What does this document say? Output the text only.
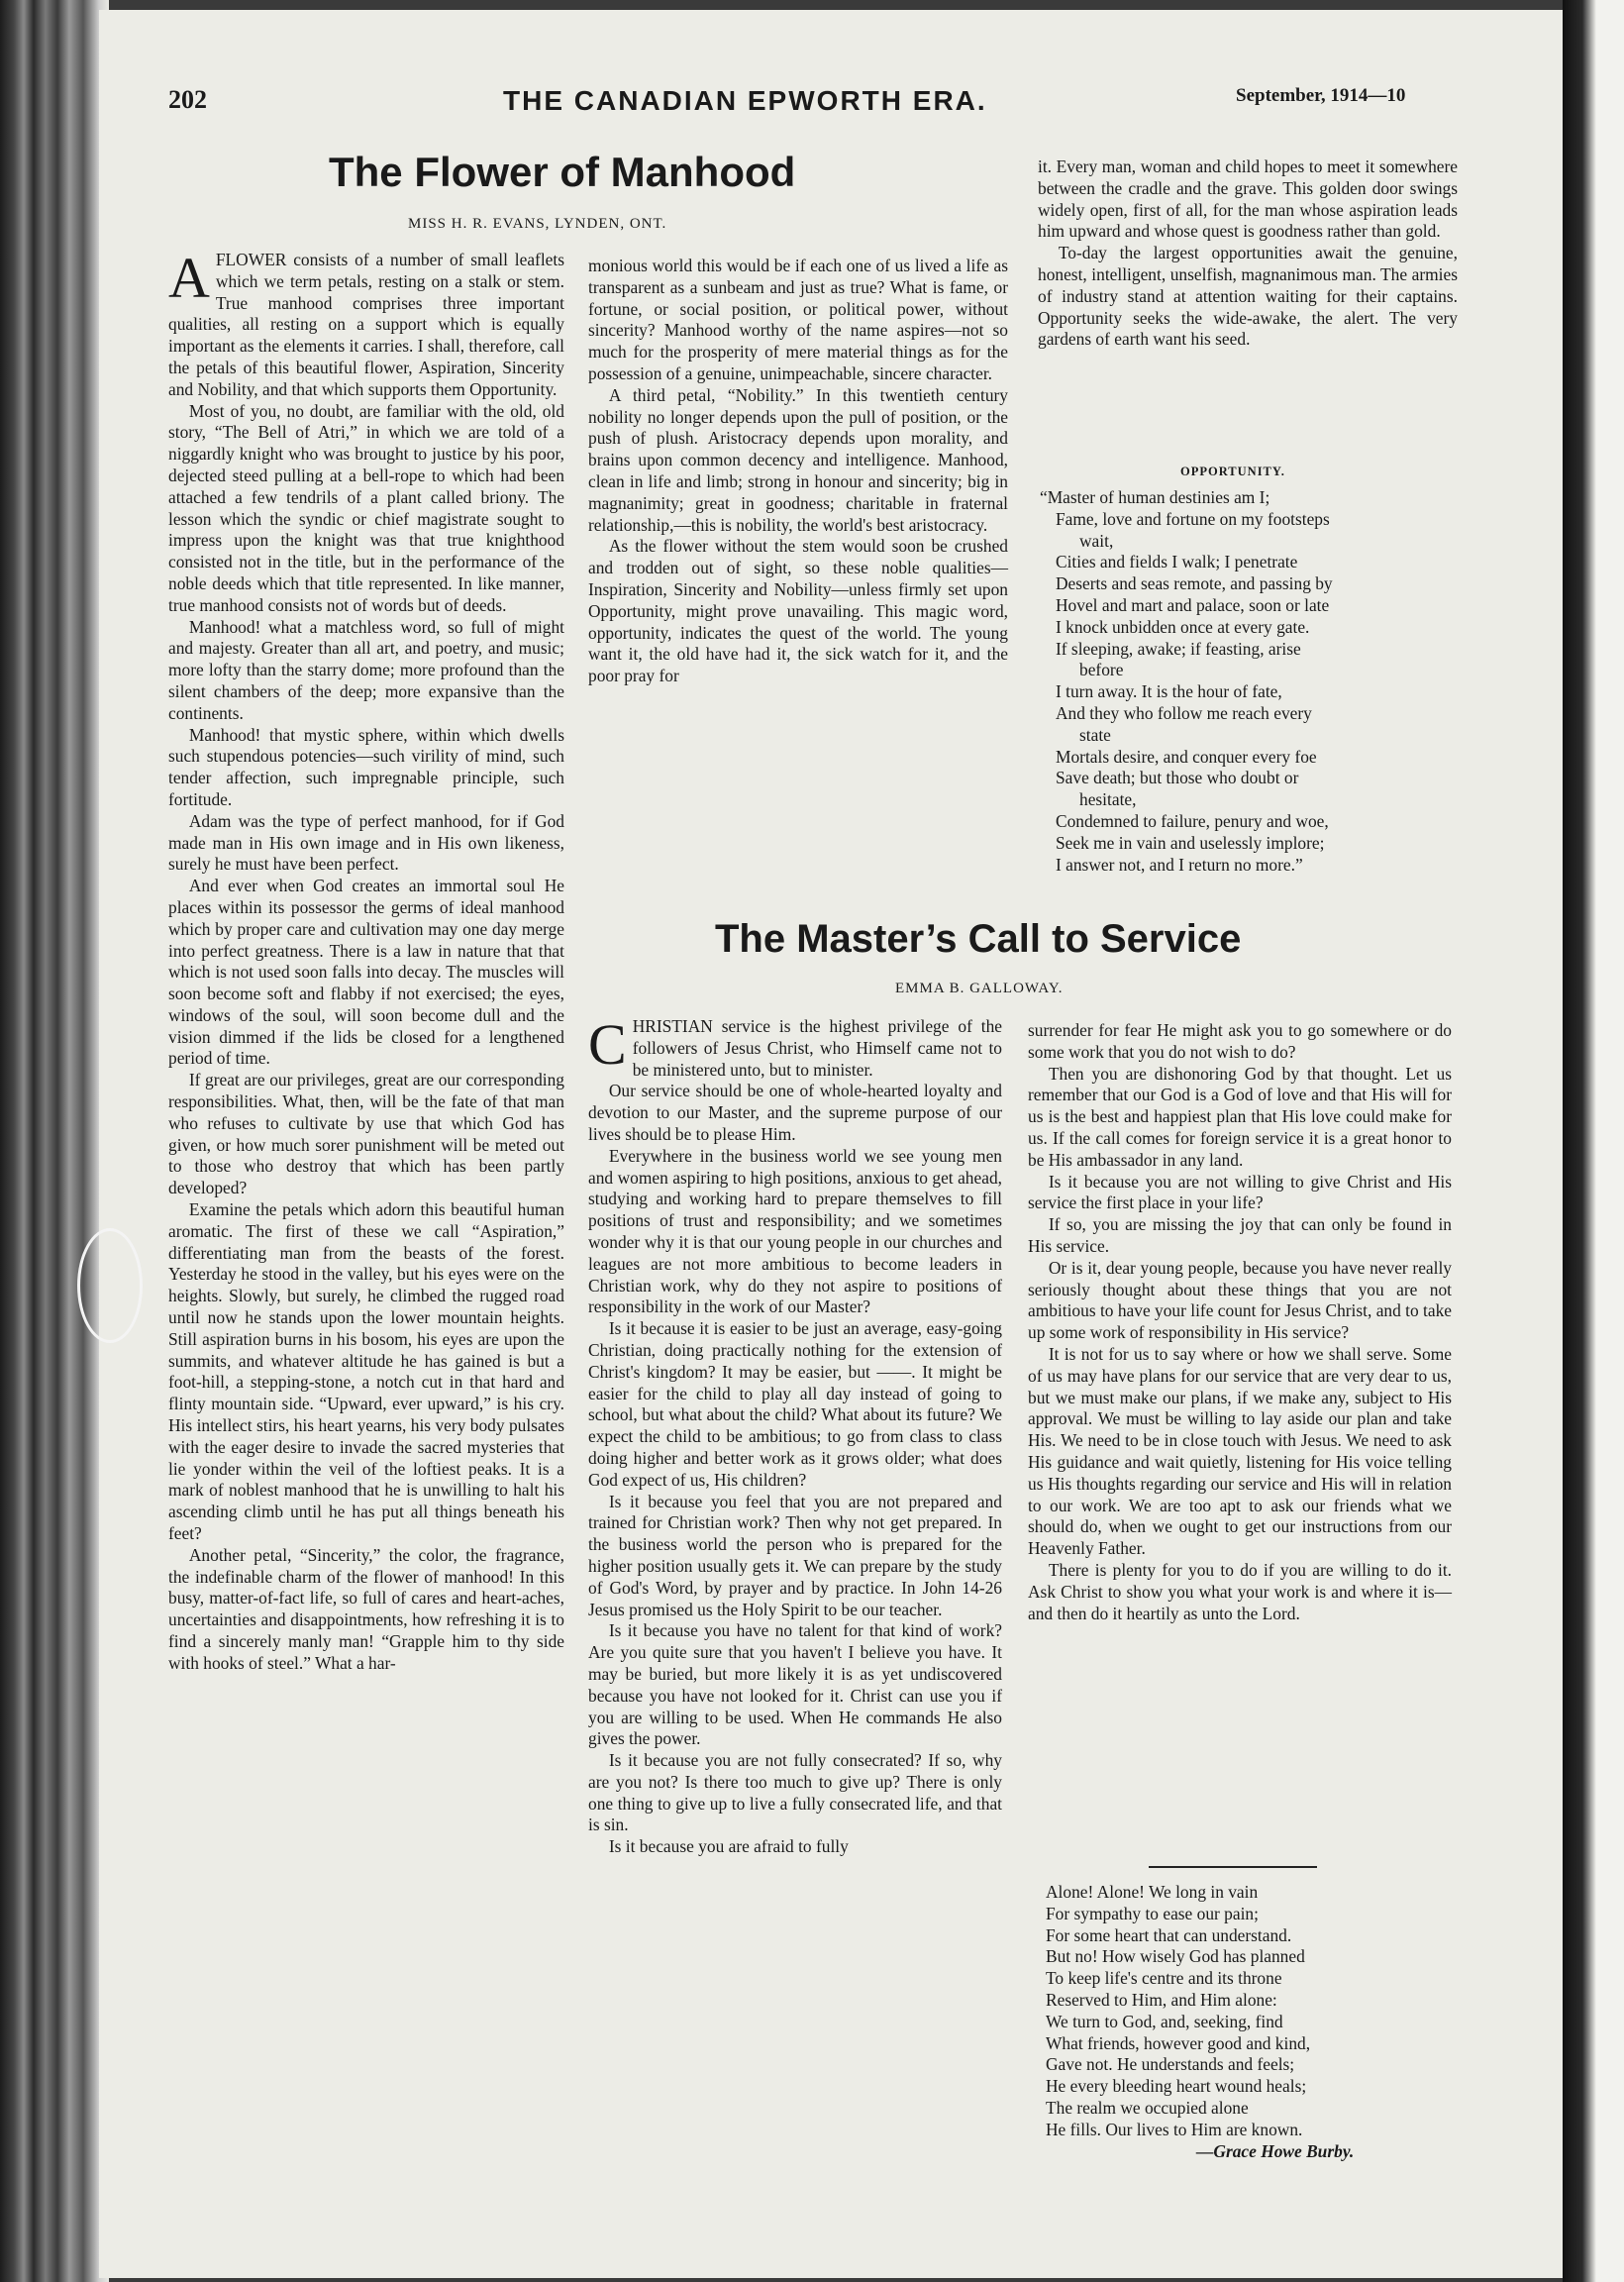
202	THE CANADIAN EPWORTH ERA.	September, 1914—10
The Flower of Manhood
MISS H. R. EVANS, LYNDEN, ONT.

AFLOWER consists of a number of small leaflets which we term petals, resting on a stalk or stem. True manhood comprises three important qualities, all resting on a support which is equally important as the elements it carries. I shall, therefore, call the petals of this beautiful flower, Aspiration, Sincerity and Nobility, and that which supports them Opportunity.

Most of you, no doubt, are familiar with the old, old story, “The Bell of Atri,” in which we are told of a niggardly knight who was brought to justice by his poor, dejected steed pulling at a bell-rope to which had been attached a few tendrils of a plant called briony. The lesson which the syndic or chief magistrate sought to impress upon the knight was that true knighthood consisted not in the title, but in the performance of the noble deeds which that title represented. In like manner, true manhood consists not of words but of deeds.

Manhood! what a matchless word, so full of might and majesty. Greater than all art, and poetry, and music; more lofty than the starry dome; more profound than the silent chambers of the deep; more expansive than the continents.

Manhood! that mystic sphere, within which dwells such stupendous potencies—such virility of mind, such tender affection, such impregnable principle, such fortitude.

Adam was the type of perfect manhood, for if God made man in His own image and in His own likeness, surely he must have been perfect.

And ever when God creates an immortal soul He places within its possessor the germs of ideal manhood which by proper care and cultivation may one day merge into perfect greatness. There is a law in nature that that which is not used soon falls into decay. The muscles will soon become soft and flabby if not exercised; the eyes, windows of the soul, will soon become dull and the vision dimmed if the lids be closed for a lengthened period of time.

If great are our privileges, great are our corresponding responsibilities. What, then, will be the fate of that man who refuses to cultivate by use that which God has given, or how much sorer punishment will be meted out to those who destroy that which has been partly developed?

Examine the petals which adorn this beautiful human aromatic. The first of these we call “Aspiration,” differentiating man from the beasts of the forest. Yesterday he stood in the valley, but his eyes were on the heights. Slowly, but surely, he climbed the rugged road until now he stands upon the lower mountain heights. Still aspiration burns in his bosom, his eyes are upon the summits, and whatever altitude he has gained is but a foot-hill, a stepping-stone, a notch cut in that hard and flinty mountain side. “Upward, ever upward,” is his cry. His intellect stirs, his heart yearns, his very body pulsates with the eager desire to invade the sacred mysteries that lie yonder within the veil of the loftiest peaks. It is a mark of noblest manhood that he is unwilling to halt his ascending climb until he has put all things beneath his feet?

Another petal, “Sincerity,” the color, the fragrance, the indefinable charm of the flower of manhood! In this busy, matter-of-fact life, so full of cares and heart-aches, uncertainties and disappointments, how refreshing it is to find a sincerely manly man! “Grapple him to thy side with hooks of steel.” What a har-

monious world this would be if each one of us lived a life as transparent as a sunbeam and just as true? What is fame, or fortune, or social position, or political power, without sincerity? Manhood worthy of the name aspires—not so much for the prosperity of mere material things as for the possession of a genuine, unimpeachable, sincere character.

A third petal, “Nobility.” In this twentieth century nobility no longer depends upon the pull of position, or the push of plush. Aristocracy depends upon morality, and brains upon common decency and intelligence. Manhood, clean in life and limb; strong in honour and sincerity; big in magnanimity; great in goodness; charitable in fraternal relationship,—this is nobility, the world's best aristocracy.

As the flower without the stem would soon be crushed and trodden out of sight, so these noble qualities—Inspiration, Sincerity and Nobility—unless firmly set upon Opportunity, might prove unavailing. This magic word, opportunity, indicates the quest of the world. The young want it, the old have had it, the sick watch for it, and the poor pray for

it. Every man, woman and child hopes to meet it somewhere between the cradle and the grave. This golden door swings widely open, first of all, for the man whose aspiration leads him upward and whose quest is goodness rather than gold.

To-day the largest opportunities await the genuine, honest, intelligent, unselfish, magnanimous man. The armies of industry stand at attention waiting for their captains. Opportunity seeks the wide-awake, the alert. The very gardens of earth want his seed.

OPPORTUNITY.
“Master of human destinies am I;
Fame, love and fortune on my footsteps
wait,
Cities and fields I walk; I penetrate
Deserts and seas remote, and passing by
Hovel and mart and palace, soon or late
I knock unbidden once at every gate.
If sleeping, awake; if feasting, arise
before
I turn away. It is the hour of fate,
And they who follow me reach every
state
Mortals desire, and conquer every foe
Save death; but those who doubt or
hesitate,
Condemned to failure, penury and woe,
Seek me in vain and uselessly implore;
I answer not, and I return no more.”
The Master’s Call to Service
EMMA B. GALLOWAY.

CHRISTIAN service is the highest privilege of the followers of Jesus Christ, who Himself came not to be ministered unto, but to minister.

Our service should be one of whole-hearted loyalty and devotion to our Master, and the supreme purpose of our lives should be to please Him.

Everywhere in the business world we see young men and women aspiring to high positions, anxious to get ahead, studying and working hard to prepare themselves to fill positions of trust and responsibility; and we sometimes wonder why it is that our young people in our churches and leagues are not more ambitious to become leaders in Christian work, why do they not aspire to positions of responsibility in the work of our Master?

Is it because it is easier to be just an average, easy-going Christian, doing practically nothing for the extension of Christ's kingdom? It may be easier, but ——. It might be easier for the child to play all day instead of going to school, but what about the child? What about its future? We expect the child to be ambitious; to go from class to class doing higher and better work as it grows older; what does God expect of us, His children?

Is it because you feel that you are not prepared and trained for Christian work? Then why not get prepared. In the business world the person who is prepared for the higher position usually gets it. We can prepare by the study of God's Word, by prayer and by practice. In John 14-26 Jesus promised us the Holy Spirit to be our teacher.

Is it because you have no talent for that kind of work? Are you quite sure that you haven't I believe you have. It may be buried, but more likely it is as yet undiscovered because you have not looked for it. Christ can use you if you are willing to be used. When He commands He also gives the power.

Is it because you are not fully consecrated? If so, why are you not? Is there too much to give up? There is only one thing to give up to live a fully consecrated life, and that is sin.

Is it because you are afraid to fully

surrender for fear He might ask you to go somewhere or do some work that you do not wish to do?

Then you are dishonoring God by that thought. Let us remember that our God is a God of love and that His will for us is the best and happiest plan that His love could make for us. If the call comes for foreign service it is a great honor to be His ambassador in any land.

Is it because you are not willing to give Christ and His service the first place in your life?

If so, you are missing the joy that can only be found in His service.

Or is it, dear young people, because you have never really seriously thought about these things that you are not ambitious to have your life count for Jesus Christ, and to take up some work of responsibility in His service?

It is not for us to say where or how we shall serve. Some of us may have plans for our service that are very dear to us, but we must make our plans, if we make any, subject to His approval. We must be willing to lay aside our plan and take His. We need to be in close touch with Jesus. We need to ask His guidance and wait quietly, listening for His voice telling us His thoughts regarding our service and His will in relation to our work. We are too apt to ask our friends what we should do, when we ought to get our instructions from our Heavenly Father.

There is plenty for you to do if you are willing to do it. Ask Christ to show you what your work is and where it is—and then do it heartily as unto the Lord.

Alone! Alone! We long in vain
For sympathy to ease our pain;
For some heart that can understand.
But no! How wisely God has planned
To keep life's centre and its throne
Reserved to Him, and Him alone:
We turn to God, and, seeking, find
What friends, however good and kind,
Gave not. He understands and feels;
He every bleeding heart wound heals;
The realm we occupied alone
He fills. Our lives to Him are known.
—Grace Howe Burby.
